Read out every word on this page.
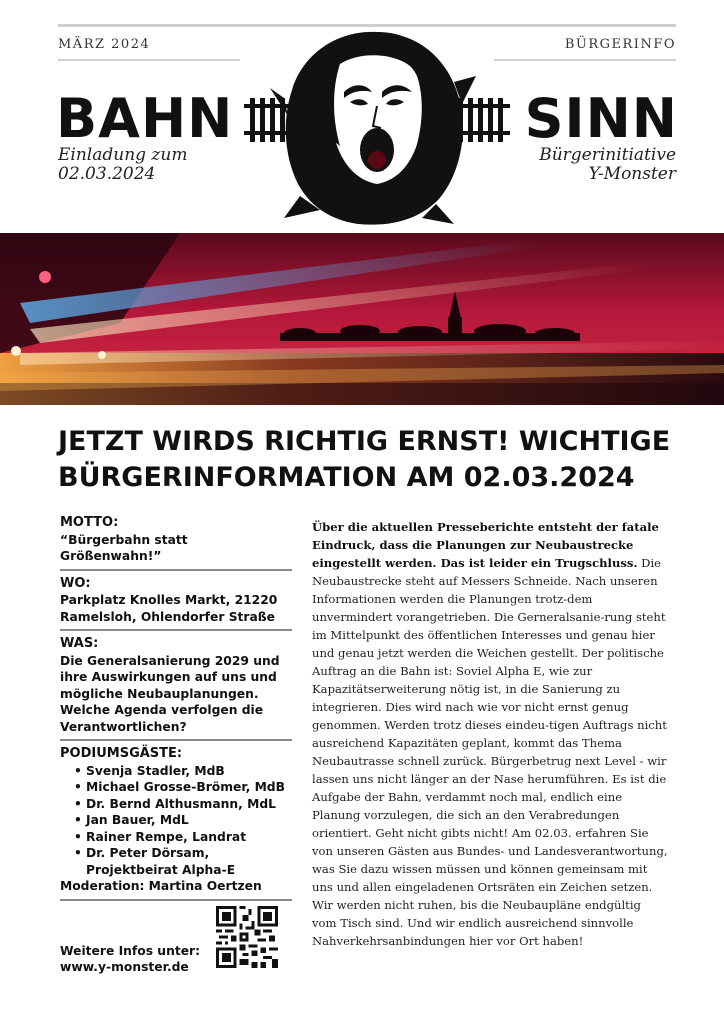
MÄRZ 2024	BÜRGERINFO
BAHN	SINN
Einladung zum
02.03.2024
Bürgerinitiative
Y-Monster
JETZT WIRDS RICHTIG ERNST! WICHTIGE
BÜRGERINFORMATION AM 02.03.2024
MOTTO:
“Bürgerbahn statt Größenwahn!”
WO:
Parkplatz Knolles Markt, 21220 Ramelsloh, Ohlendorfer Straße
WAS:
Die Generalsanierung 2029 und ihre Auswirkungen auf uns und mögliche Neubauplanungen. Welche Agenda verfolgen die Verantwortlichen?
PODIUMSGÄSTE:
• Svenja Stadler, MdB
• Michael Grosse-Brömer, MdB
• Dr. Bernd Althusmann, MdL
• Jan Bauer, MdL
• Rainer Rempe, Landrat
• Dr. Peter Dörsam, Projektbeirat Alpha-E
Moderation: Martina Oertzen
Weitere Infos unter:
www.y-monster.de
Über die aktuellen Presseberichte entsteht der fatale Eindruck, dass die Planungen zur Neubaustrecke eingestellt werden. Das ist leider ein Trugschluss. Die Neubaustrecke steht auf Messers Schneide. Nach unseren Informationen werden die Planungen trotz-dem unvermindert vorangetrieben. Die Gerneralsanie-rung steht im Mittelpunkt des öffentlichen Interesses und genau hier und genau jetzt werden die Weichen gestellt. Der politische Auftrag an die Bahn ist: Soviel Alpha E, wie zur Kapazitätserweiterung nötig ist, in die Sanierung zu integrieren. Dies wird nach wie vor nicht ernst genug genommen. Werden trotz dieses eindeu-tigen Auftrags nicht ausreichend Kapazitäten geplant, kommt das Thema Neubautrasse schnell zurück. Bürgerbetrug next Level - wir lassen uns nicht länger an der Nase herumführen. Es ist die Aufgabe der Bahn, verdammt noch mal, endlich eine Planung vorzulegen, die sich an den Verabredungen orientiert. Geht nicht gibts nicht! Am 02.03. erfahren Sie von unseren Gästen aus Bundes- und Landesverantwortung, was Sie dazu wissen müssen und können gemeinsam mit uns und allen eingeladenen Ortsräten ein Zeichen setzen. Wir werden nicht ruhen, bis die Neubaupläne endgültig vom Tisch sind. Und wir endlich ausreichend sinnvolle Nahverkehrsanbindungen hier vor Ort haben!
